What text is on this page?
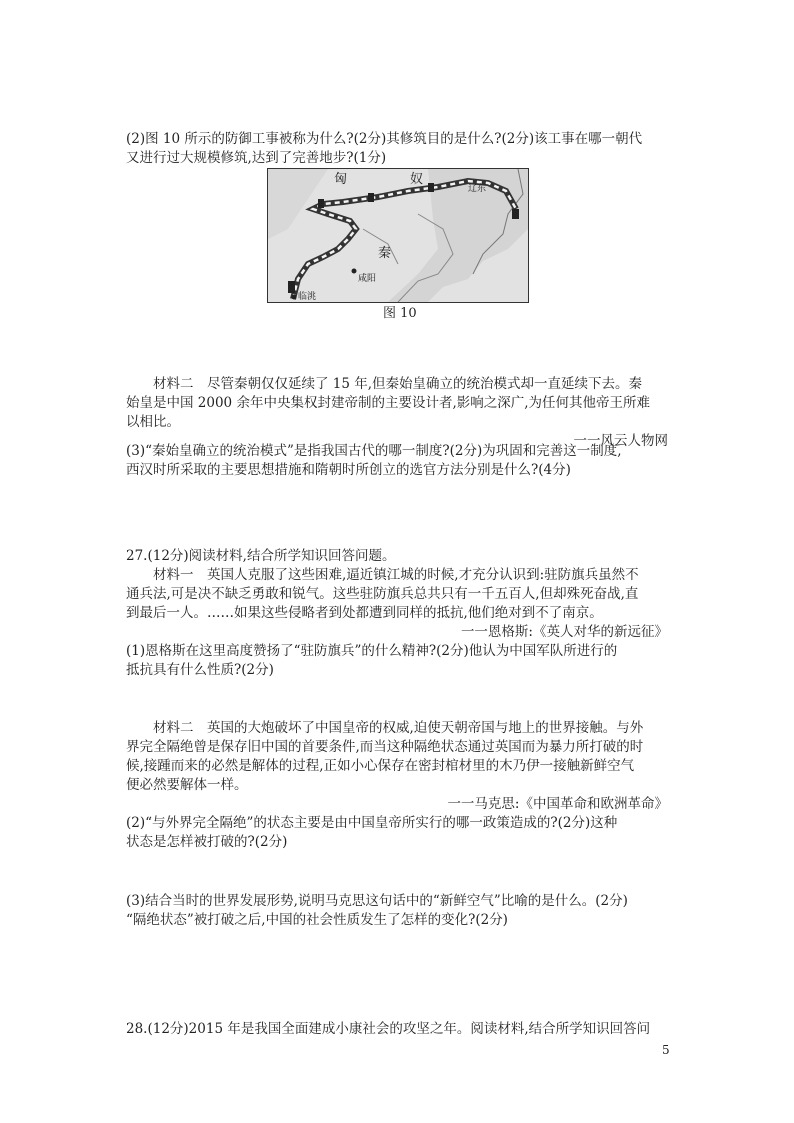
(2)图 10 所示的防御工事被称为什么?(2分)其修筑目的是什么?(2分)该工事在哪一朝代

又进行过大规模修筑,达到了完善地步?(1分)

匈	奴
秦
辽东
咸阳
临洮
图 10

材料二　尽管秦朝仅仅延续了 15 年,但秦始皇确立的统治模式却一直延续下去。秦

始皇是中国 2000 余年中央集权封建帝制的主要设计者,影响之深广,为任何其他帝王所难

以相比。

一一风云人物网

(3)“秦始皇确立的统治模式”是指我国古代的哪一制度?(2分)为巩固和完善这一制度,

西汉时所采取的主要思想措施和隋朝时所创立的选官方法分别是什么?(4分)

27.(12分)阅读材料,结合所学知识回答问题。

材料一　英国人克服了这些困难,逼近镇江城的时候,才充分认识到:驻防旗兵虽然不

通兵法,可是决不缺乏勇敢和锐气。这些驻防旗兵总共只有一千五百人,但却殊死奋战,直

到最后一人。……如果这些侵略者到处都遭到同样的抵抗,他们绝对到不了南京。

一一恩格斯:《英人对华的新远征》

(1)恩格斯在这里高度赞扬了“驻防旗兵”的什么精神?(2分)他认为中国军队所进行的

抵抗具有什么性质?(2分)

材料二　英国的大炮破坏了中国皇帝的权威,迫使天朝帝国与地上的世界接触。与外

界完全隔绝曾是保存旧中国的首要条件,而当这种隔绝状态通过英国而为暴力所打破的时

候,接踵而来的必然是解体的过程,正如小心保存在密封棺材里的木乃伊一接触新鲜空气

便必然要解体一样。

一一马克思:《中国革命和欧洲革命》

(2)“与外界完全隔绝”的状态主要是由中国皇帝所实行的哪一政策造成的?(2分)这种

状态是怎样被打破的?(2分)

(3)结合当时的世界发展形势,说明马克思这句话中的“新鲜空气”比喻的是什么。(2分)

“隔绝状态”被打破之后,中国的社会性质发生了怎样的变化?(2分)

28.(12分)2015 年是我国全面建成小康社会的攻坚之年。阅读材料,结合所学知识回答问

5
